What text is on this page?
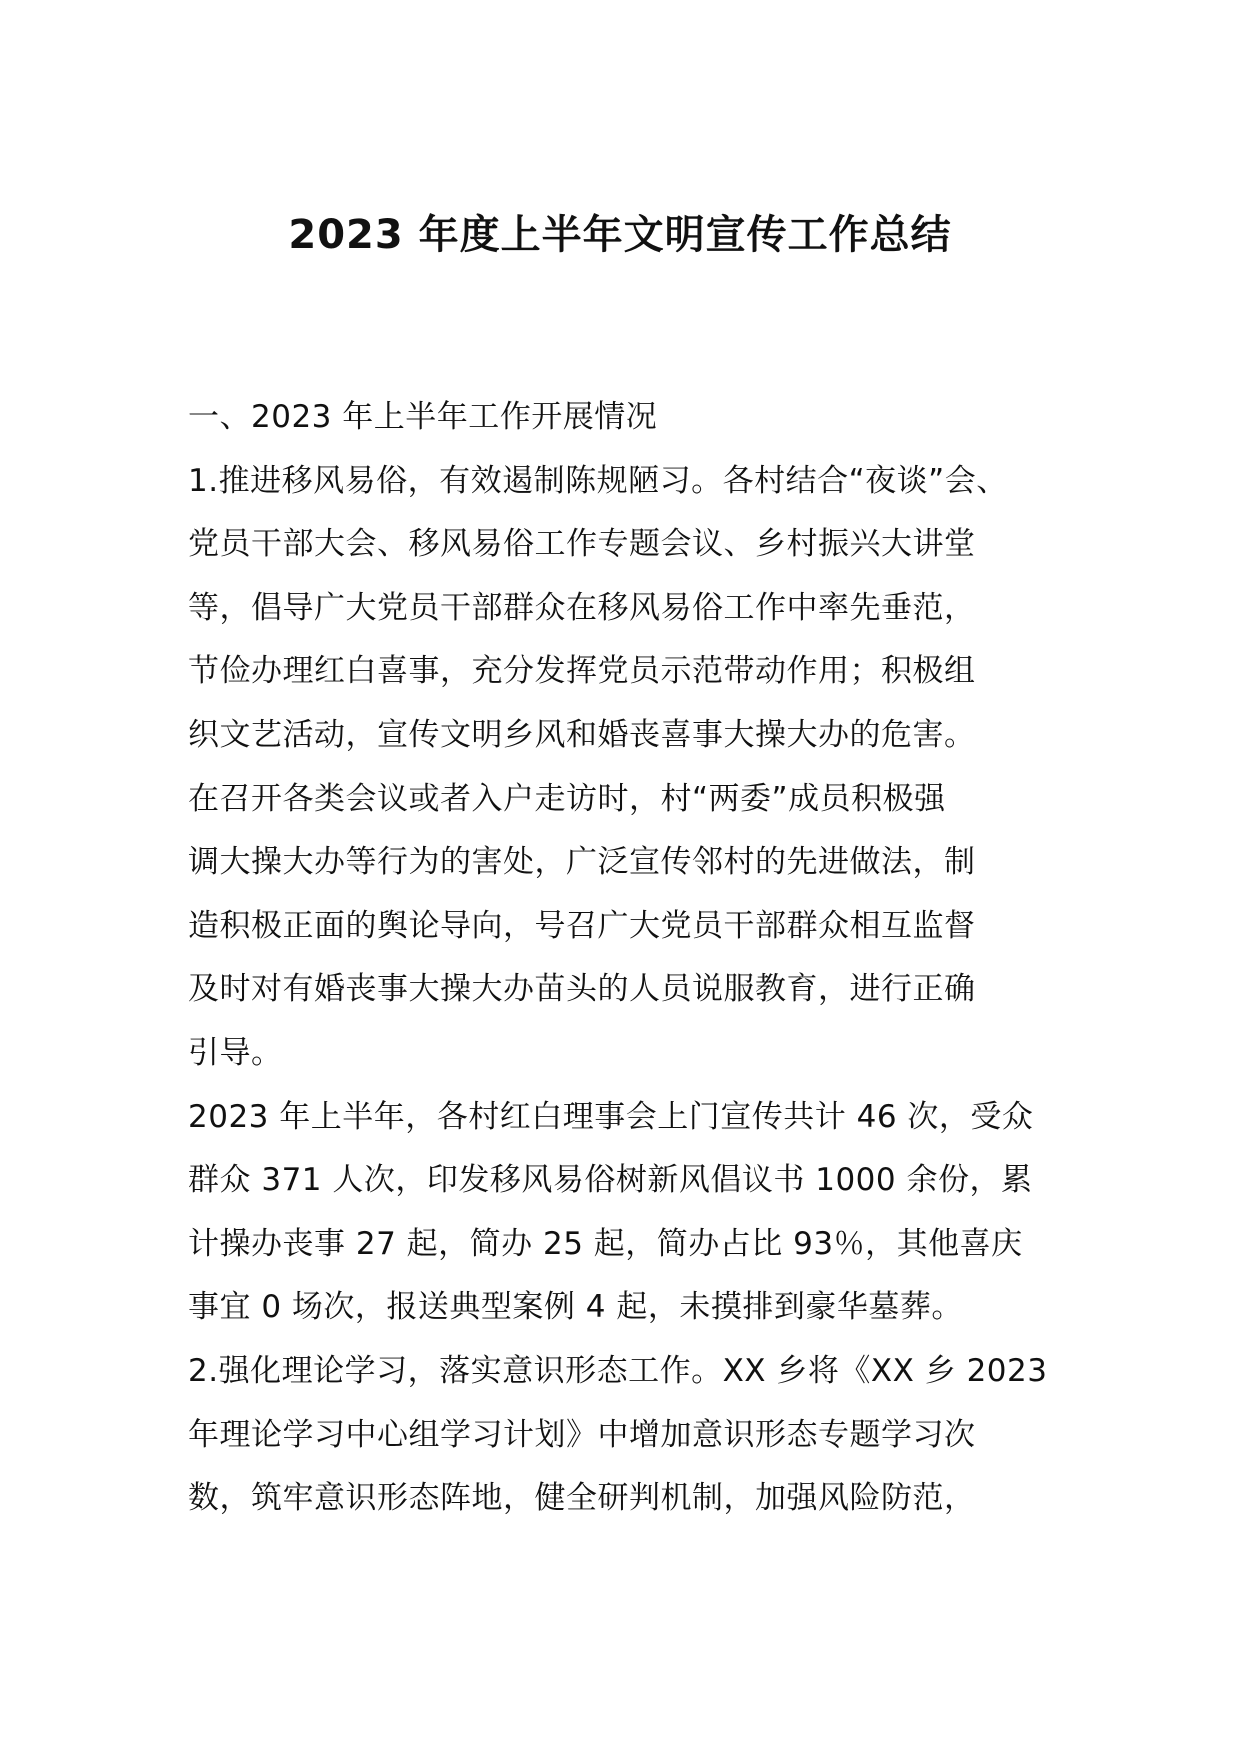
2023 年度上半年文明宣传工作总结
一、2023 年上半年工作开展情况
1.推进移风易俗，有效遏制陈规陋习。各村结合“夜谈”会、
党员干部大会、移风易俗工作专题会议、乡村振兴大讲堂
等，倡导广大党员干部群众在移风易俗工作中率先垂范，
节俭办理红白喜事，充分发挥党员示范带动作用；积极组
织文艺活动，宣传文明乡风和婚丧喜事大操大办的危害。
在召开各类会议或者入户走访时，村“两委”成员积极强
调大操大办等行为的害处，广泛宣传邻村的先进做法，制
造积极正面的舆论导向，号召广大党员干部群众相互监督
及时对有婚丧事大操大办苗头的人员说服教育，进行正确
引导。
2023 年上半年，各村红白理事会上门宣传共计 46 次，受众
群众 371 人次，印发移风易俗树新风倡议书 1000 余份，累
计操办丧事 27 起，简办 25 起，简办占比 93％，其他喜庆
事宜 0 场次，报送典型案例 4 起，未摸排到豪华墓葬。
2.强化理论学习，落实意识形态工作。XX 乡将《XX 乡 2023
年理论学习中心组学习计划》中增加意识形态专题学习次
数，筑牢意识形态阵地，健全研判机制，加强风险防范，
